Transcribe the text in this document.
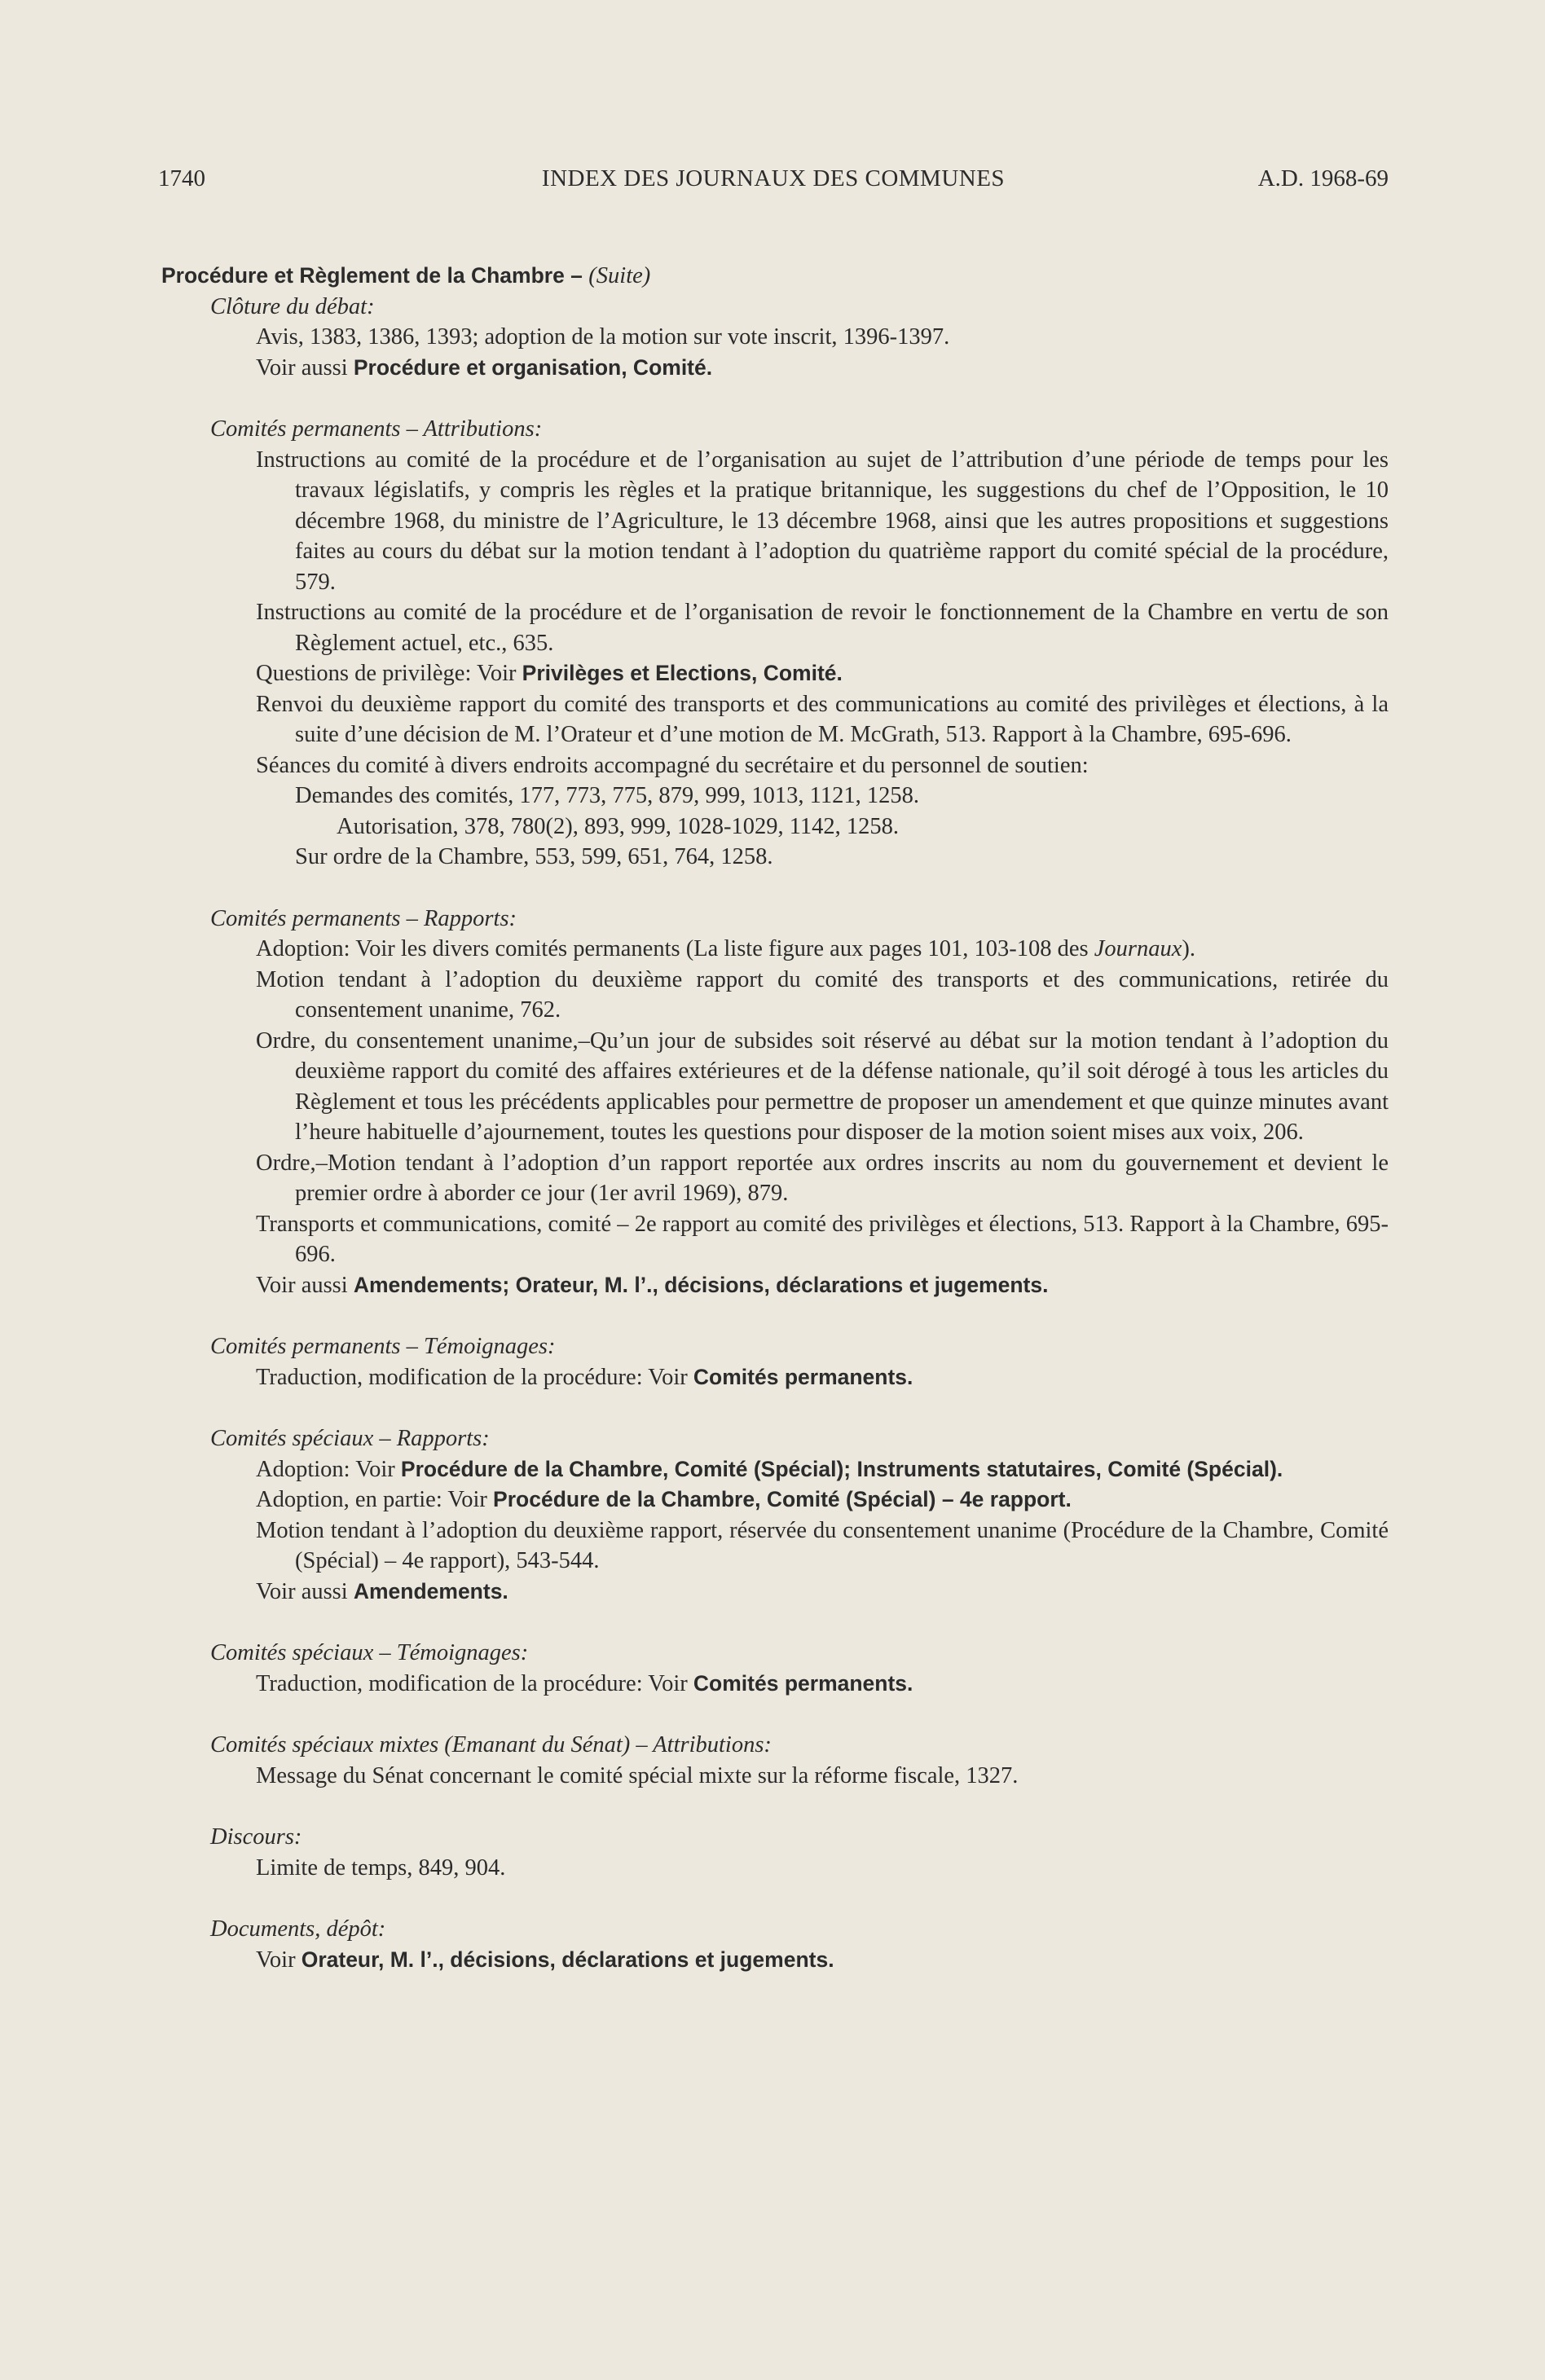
1740	INDEX DES JOURNAUX DES COMMUNES	A.D. 1968-69

Procédure et Règlement de la Chambre – (Suite)

Clôture du débat:

Avis, 1383, 1386, 1393; adoption de la motion sur vote inscrit, 1396-1397.

Voir aussi Procédure et organisation, Comité.

Comités permanents – Attributions:

Instructions au comité de la procédure et de l’organisation au sujet de l’attribution d’une période de temps pour les travaux législatifs, y compris les règles et la pratique britannique, les suggestions du chef de l’Opposition, le 10 décembre 1968, du ministre de l’Agriculture, le 13 décembre 1968, ainsi que les autres propositions et suggestions faites au cours du débat sur la motion tendant à l’adoption du quatrième rapport du comité spécial de la procédure, 579.

Instructions au comité de la procédure et de l’organisation de revoir le fonctionnement de la Chambre en vertu de son Règlement actuel, etc., 635.

Questions de privilège: Voir Privilèges et Elections, Comité.

Renvoi du deuxième rapport du comité des transports et des communications au comité des privilèges et élections, à la suite d’une décision de M. l’Orateur et d’une motion de M. McGrath, 513. Rapport à la Chambre, 695-696.

Séances du comité à divers endroits accompagné du secrétaire et du personnel de soutien:

Demandes des comités, 177, 773, 775, 879, 999, 1013, 1121, 1258.

Autorisation, 378, 780(2), 893, 999, 1028-1029, 1142, 1258.

Sur ordre de la Chambre, 553, 599, 651, 764, 1258.

Comités permanents – Rapports:

Adoption: Voir les divers comités permanents (La liste figure aux pages 101, 103-108 des Journaux).

Motion tendant à l’adoption du deuxième rapport du comité des transports et des communications, retirée du consentement unanime, 762.

Ordre, du consentement unanime,–Qu’un jour de subsides soit réservé au débat sur la motion tendant à l’adoption du deuxième rapport du comité des affaires extérieures et de la défense nationale, qu’il soit dérogé à tous les articles du Règlement et tous les précédents applicables pour permettre de proposer un amendement et que quinze minutes avant l’heure habituelle d’ajournement, toutes les questions pour disposer de la motion soient mises aux voix, 206.

Ordre,–Motion tendant à l’adoption d’un rapport reportée aux ordres inscrits au nom du gouvernement et devient le premier ordre à aborder ce jour (1er avril 1969), 879.

Transports et communications, comité – 2e rapport au comité des privilèges et élections, 513. Rapport à la Chambre, 695-696.

Voir aussi Amendements; Orateur, M. l’., décisions, déclarations et jugements.

Comités permanents – Témoignages:

Traduction, modification de la procédure: Voir Comités permanents.

Comités spéciaux – Rapports:

Adoption: Voir Procédure de la Chambre, Comité (Spécial); Instruments statutaires, Comité (Spécial).

Adoption, en partie: Voir Procédure de la Chambre, Comité (Spécial) – 4e rapport.

Motion tendant à l’adoption du deuxième rapport, réservée du consentement unanime (Procédure de la Chambre, Comité (Spécial) – 4e rapport), 543-544.

Voir aussi Amendements.

Comités spéciaux – Témoignages:

Traduction, modification de la procédure: Voir Comités permanents.

Comités spéciaux mixtes (Emanant du Sénat) – Attributions:

Message du Sénat concernant le comité spécial mixte sur la réforme fiscale, 1327.

Discours:

Limite de temps, 849, 904.

Documents, dépôt:

Voir Orateur, M. l’., décisions, déclarations et jugements.
